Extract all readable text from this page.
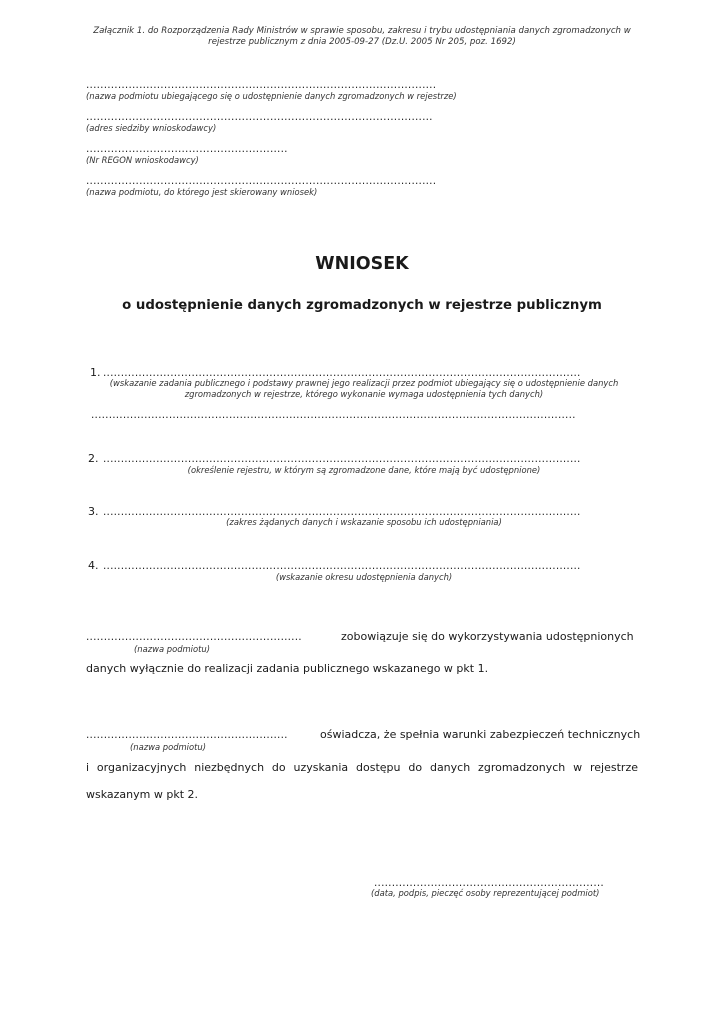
Załącznik 1. do Rozporządzenia Rady Ministrów w sprawie sposobu, zakresu i trybu udostępniania danych zgromadzonych w
rejestrze publicznym z dnia 2005-09-27 (Dz.U. 2005 Nr 205, poz. 1692)
...................................................................................................
(nazwa podmiotu ubiegającego się o udostępnienie danych zgromadzonych w rejestrze)
..................................................................................................
(adres siedziby wnioskodawcy)
.........................................................
(Nr REGON wnioskodawcy)
...................................................................................................
(nazwa podmiotu, do którego jest skierowany wniosek)
WNIOSEK
o udostępnienie danych zgromadzonych w rejestrze publicznym
1. .......................................................................................................................................
(wskazanie zadania publicznego i podstawy prawnej jego realizacji przez podmiot ubiegający się o udostępnienie danych
zgromadzonych w rejestrze, którego wykonanie wymaga udostępnienia tych danych)
.........................................................................................................................................
2. .......................................................................................................................................
(określenie rejestru, w którym są zgromadzone dane, które mają być udostępnione)
3. .......................................................................................................................................
(zakres żądanych danych i wskazanie sposobu ich udostępniania)
4. .......................................................................................................................................
(wskazanie okresu udostępnienia danych)
.............................................................	zobowiązuje się do wykorzystywania udostępnionych
(nazwa podmiotu)
danych wyłącznie do realizacji zadania publicznego wskazanego w pkt 1.
.........................................................	oświadcza, że spełnia warunki zabezpieczeń technicznych
(nazwa podmiotu)
i organizacyjnych niezbędnych do uzyskania dostępu do danych zgromadzonych w rejestrze
wskazanym w pkt 2.
.................................................................
(data, podpis, pieczęć osoby reprezentującej podmiot)
